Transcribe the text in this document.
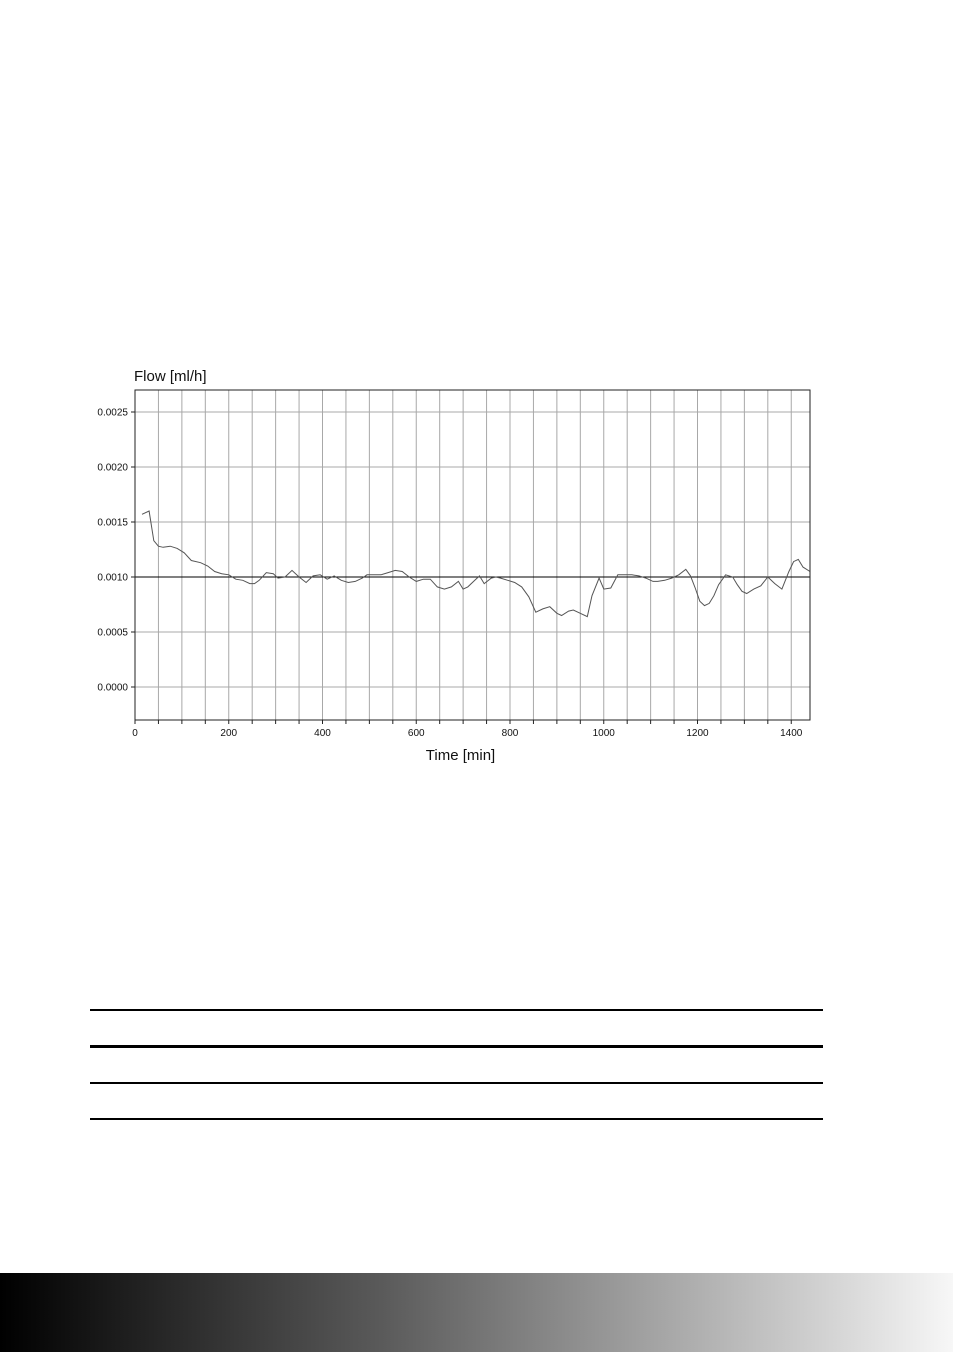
0.0025
0.0020
0.0015
0.0010
0.0005
0.0000
0	200	400	600	800	1000	1200	1400
Flow [ml/h]
Time [min]
